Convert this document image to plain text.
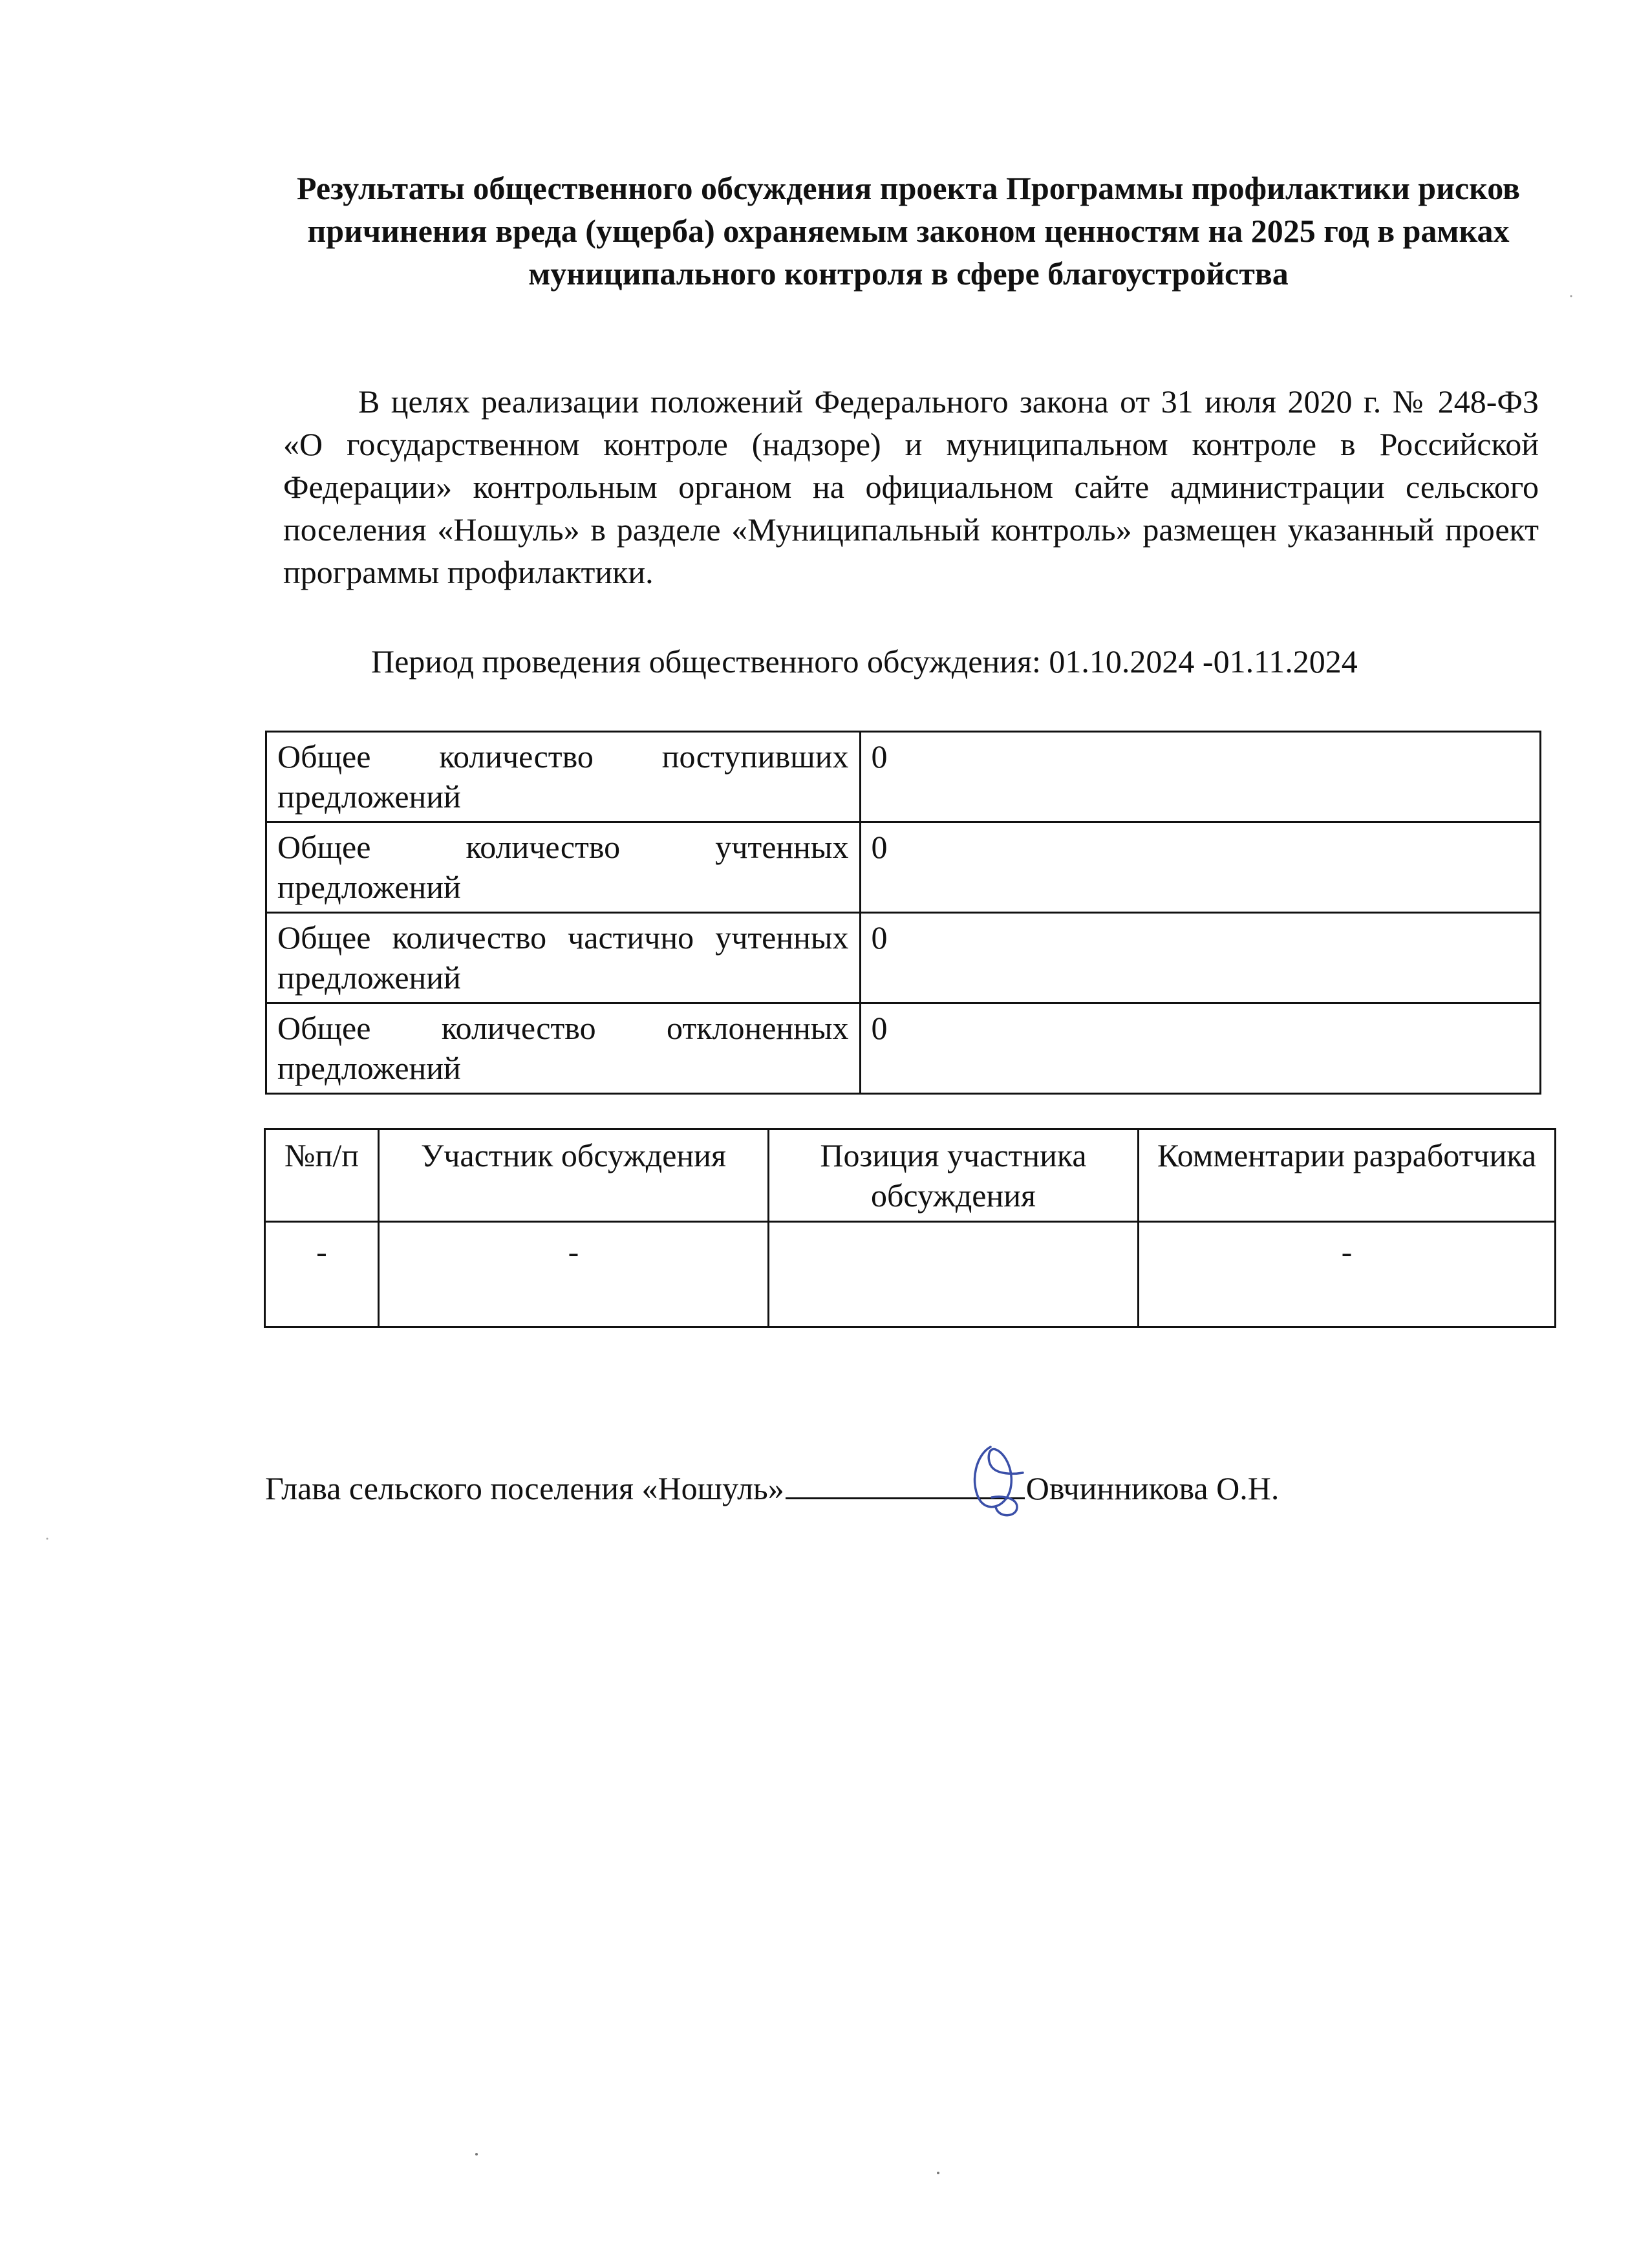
Результаты общественного обсуждения проекта Программы профилактики рисков причинения вреда (ущерба) охраняемым законом ценностям на 2025 год в рамках муниципального контроля в сфере благоустройства
В целях реализации положений Федерального закона от 31 июля 2020 г. № 248-ФЗ «О государственном контроле (надзоре) и муниципальном контроле в Российской Федерации» контрольным органом на официальном сайте администрации сельского поселения «Ношуль» в разделе «Муниципальный контроль» размещен указанный проект программы профилактики.
Период проведения общественного обсуждения: 01.10.2024 -01.11.2024
Общее количество поступивших предложений	0
Общее количество учтенных предложений	0
Общее количество частично учтенных предложений	0
Общее количество отклоненных предложений	0
№п/п	Участник обсуждения	Позиция участника обсуждения	Комментарии разработчика
-	-		-
Глава сельского поселения «Ношуль»	Овчинникова О.Н.
